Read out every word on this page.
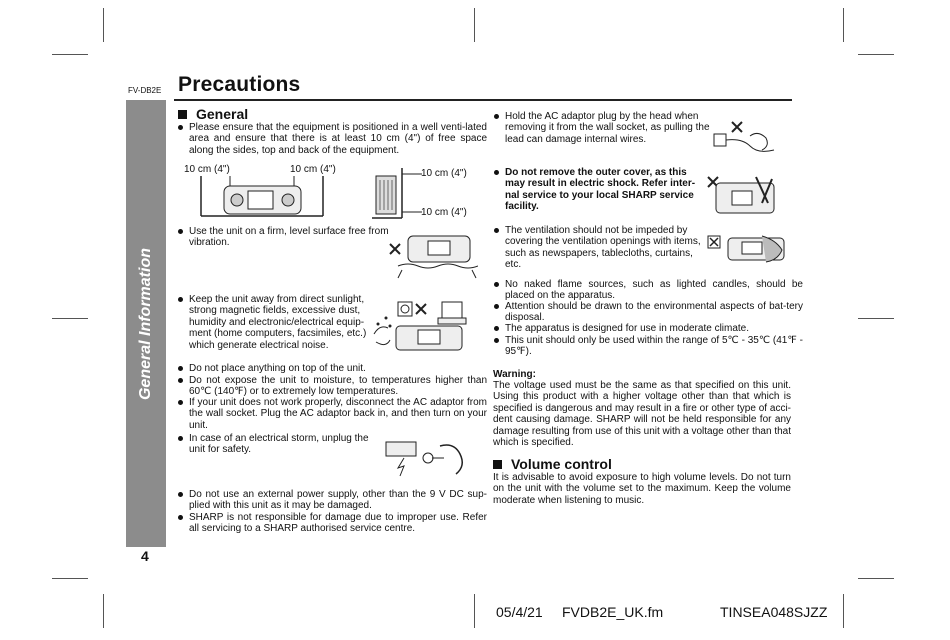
FV-DB2E Precautions
General Information
4
General
Please ensure that the equipment is positioned in a well venti-lated area and ensure that there is at least 10 cm (4") of free space along the sides, top and back of the equipment.
10 cm (4")	10 cm (4")	10 cm (4")
10 cm (4")
Use the unit on a firm, level surface free from vibration.
Keep the unit away from direct sunlight, strong magnetic fields, excessive dust, humidity and electronic/electrical equip-ment (home computers, facsimiles, etc.) which generate electrical noise.
Do not place anything on top of the unit.
Do not expose the unit to moisture, to temperatures higher than 60℃ (140℉) or to extremely low temperatures.
If your unit does not work properly, disconnect the AC adaptor from the wall socket. Plug the AC adaptor back in, and then turn on your unit.
In case of an electrical storm, unplug the unit for safety.
Do not use an external power supply, other than the 9 V DC sup-plied with this unit as it may be damaged.
SHARP is not responsible for damage due to improper use. Refer all servicing to a SHARP authorised service centre.
Hold the AC adaptor plug by the head when removing it from the wall socket, as pulling the lead can damage internal wires.
Do not remove the outer cover, as this may result in electric shock. Refer inter-nal service to your local SHARP service facility.
The ventilation should not be impeded by covering the ventilation openings with items, such as newspapers, tablecloths, curtains, etc.
No naked flame sources, such as lighted candles, should be placed on the apparatus.
Attention should be drawn to the environmental aspects of bat-tery disposal.
The apparatus is designed for use in moderate climate.
This unit should only be used within the range of 5℃ - 35℃ (41℉ - 95℉).
Warning:
The voltage used must be the same as that specified on this unit. Using this product with a higher voltage other than that which is specified is dangerous and may result in a fire or other type of acci-dent causing damage. SHARP will not be held responsible for any damage resulting from use of this unit with a voltage other than that which is specified.
Volume control
It is advisable to avoid exposure to high volume levels. Do not turn on the unit with the volume set to the maximum. Keep the volume moderate when listening to music.
05/4/21 FVDB2E_UK.fm	TINSEA048SJZZ
